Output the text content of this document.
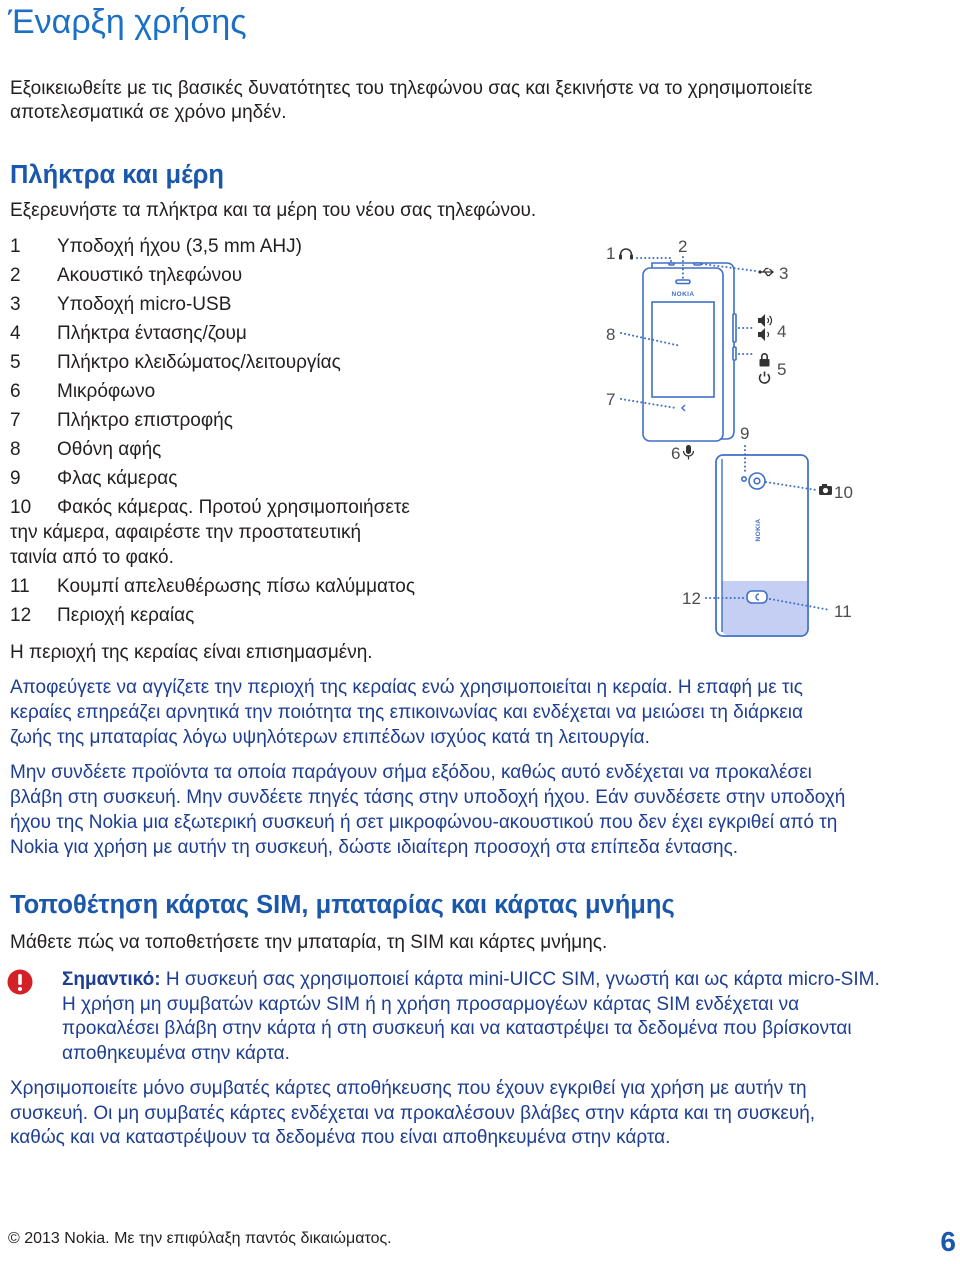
Έναρξη χρήσης
Εξοικειωθείτε με τις βασικές δυνατότητες του τηλεφώνου σας και ξεκινήστε να το χρησιμοποιείτε
αποτελεσματικά σε χρόνο μηδέν.
Πλήκτρα και μέρη
Εξερευνήστε τα πλήκτρα και τα μέρη του νέου σας τηλεφώνου.
1 Υποδοχή ήχου (3,5 mm AHJ)
2 Ακουστικό τηλεφώνου
3 Υποδοχή micro-USB
4 Πλήκτρα έντασης/ζουμ
5 Πλήκτρο κλειδώματος/λειτουργίας
6 Μικρόφωνο
7 Πλήκτρο επιστροφής
8 Οθόνη αφής
9 Φλας κάμερας
10 Φακός κάμερας. Προτού χρησιμοποιήσετε
την κάμερα, αφαιρέστε την προστατευτική
ταινία από το φακό.
11 Κουμπί απελευθέρωσης πίσω καλύμματος
12 Περιοχή κεραίας
NOKIA
NOKIA
1	2
3
4
5
6
7
8
9
10
11
12
Η περιοχή της κεραίας είναι επισημασμένη.
Αποφεύγετε να αγγίζετε την περιοχή της κεραίας ενώ χρησιμοποιείται η κεραία. Η επαφή με τις
κεραίες επηρεάζει αρνητικά την ποιότητα της επικοινωνίας και ενδέχεται να μειώσει τη διάρκεια
ζωής της μπαταρίας λόγω υψηλότερων επιπέδων ισχύος κατά τη λειτουργία.
Μην συνδέετε προϊόντα τα οποία παράγουν σήμα εξόδου, καθώς αυτό ενδέχεται να προκαλέσει
βλάβη στη συσκευή. Μην συνδέετε πηγές τάσης στην υποδοχή ήχου. Εάν συνδέσετε στην υποδοχή
ήχου της Nokia μια εξωτερική συσκευή ή σετ μικροφώνου-ακουστικού που δεν έχει εγκριθεί από τη
Nokia για χρήση με αυτήν τη συσκευή, δώστε ιδιαίτερη προσοχή στα επίπεδα έντασης.
Τοποθέτηση κάρτας SIM, μπαταρίας και κάρτας μνήμης
Μάθετε πώς να τοποθετήσετε την μπαταρία, τη SIM και κάρτες μνήμης.
Σημαντικό: Η συσκευή σας χρησιμοποιεί κάρτα mini-UICC SIM, γνωστή και ως κάρτα micro-SIM.
Η χρήση μη συμβατών καρτών SIM ή η χρήση προσαρμογέων κάρτας SIM ενδέχεται να
προκαλέσει βλάβη στην κάρτα ή στη συσκευή και να καταστρέψει τα δεδομένα που βρίσκονται
αποθηκευμένα στην κάρτα.
Χρησιμοποιείτε μόνο συμβατές κάρτες αποθήκευσης που έχουν εγκριθεί για χρήση με αυτήν τη
συσκευή. Οι μη συμβατές κάρτες ενδέχεται να προκαλέσουν βλάβες στην κάρτα και τη συσκευή,
καθώς και να καταστρέψουν τα δεδομένα που είναι αποθηκευμένα στην κάρτα.
© 2013 Nokia. Με την επιφύλαξη παντός δικαιώματος.	6
